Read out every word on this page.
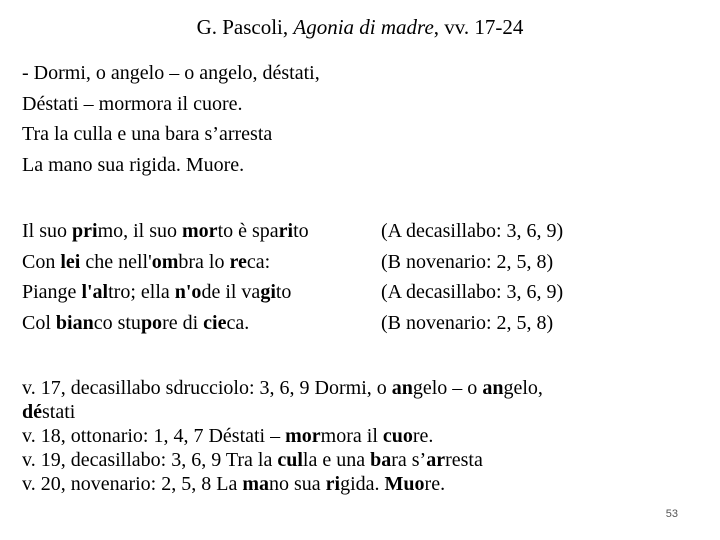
G. Pascoli, Agonia di madre, vv. 17-24
- Dormi, o angelo – o angelo, déstati,
Déstati – mormora il cuore.
Tra la culla e una bara s’arresta
La mano sua rigida. Muore.
Il suo primo, il suo morto è sparito	(A decasillabo: 3, 6, 9)
Con lei che nell'ombra lo reca:	(B novenario: 2, 5, 8)
Piange l'altro; ella n'ode il vagito	(A decasillabo: 3, 6, 9)
Col bianco stupore di cieca.	(B novenario: 2, 5, 8)
v. 17, decasillabo sdrucciolo: 3, 6, 9 Dormi, o angelo – o angelo,
déstati
v. 18, ottonario: 1, 4, 7 Déstati – mormora il cuore.
v. 19, decasillabo: 3, 6, 9 Tra la culla e una bara s’arresta
v. 20, novenario: 2, 5, 8 La mano sua rigida. Muore.
53
